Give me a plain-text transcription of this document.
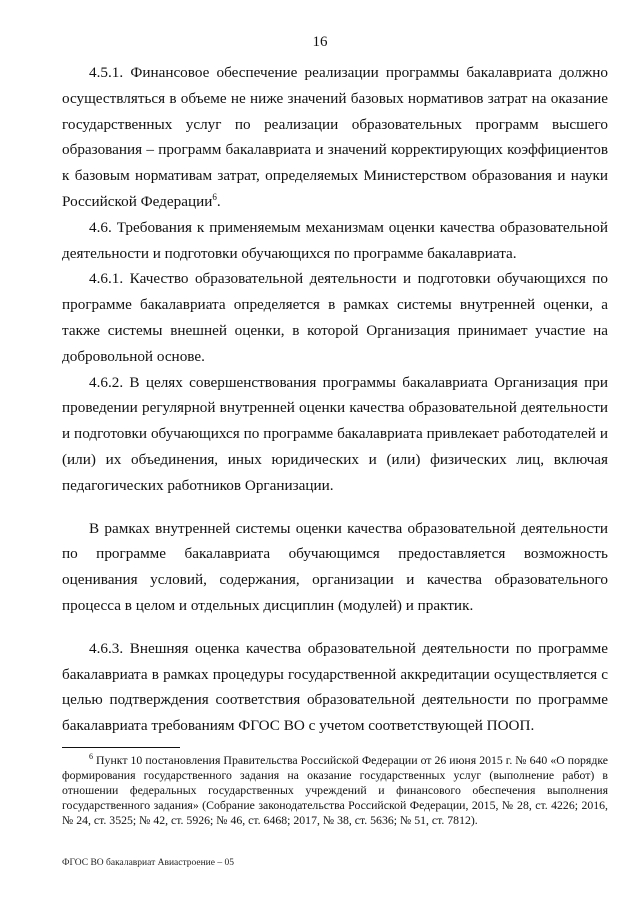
16

4.5.1. Финансовое обеспечение реализации программы бакалавриата должно осуществляться в объеме не ниже значений базовых нормативов затрат на оказание государственных услуг по реализации образовательных программ высшего образования – программ бакалавриата и значений корректирующих коэффициентов к базовым нормативам затрат, определяемых Министерством образования и науки Российской Федерации$^6$.

4.6. Требования к применяемым механизмам оценки качества образовательной деятельности и подготовки обучающихся по программе бакалавриата.

4.6.1. Качество образовательной деятельности и подготовки обучающихся по программе бакалавриата определяется в рамках системы внутренней оценки, а также системы внешней оценки, в которой Организация принимает участие на добровольной основе.

4.6.2. В целях совершенствования программы бакалавриата Организация при проведении регулярной внутренней оценки качества образовательной деятельности и подготовки обучающихся по программе бакалавриата привлекает работодателей и (или) их объединения, иных юридических и (или) физических лиц, включая педагогических работников Организации.

В рамках внутренней системы оценки качества образовательной деятельности по программе бакалавриата обучающимся предоставляется возможность оценивания условий, содержания, организации и качества образовательного процесса в целом и отдельных дисциплин (модулей) и практик.

4.6.3. Внешняя оценка качества образовательной деятельности по программе бакалавриата в рамках процедуры государственной аккредитации осуществляется с целью подтверждения соответствия образовательной деятельности по программе бакалавриата требованиям ФГОС ВО с учетом соответствующей ПООП.

$^6$ Пункт 10 постановления Правительства Российской Федерации от 26 июня 2015 г. № 640 «О порядке формирования государственного задания на оказание государственных услуг (выполнение работ) в отношении федеральных государственных учреждений и финансового обеспечения выполнения государственного задания» (Собрание законодательства Российской Федерации, 2015, № 28, ст. 4226; 2016, № 24, ст. 3525; № 42, ст. 5926; № 46, ст. 6468; 2017, № 38, ст. 5636; № 51, ст. 7812).
ФГОС ВО бакалавриат Авиастроение – 05
